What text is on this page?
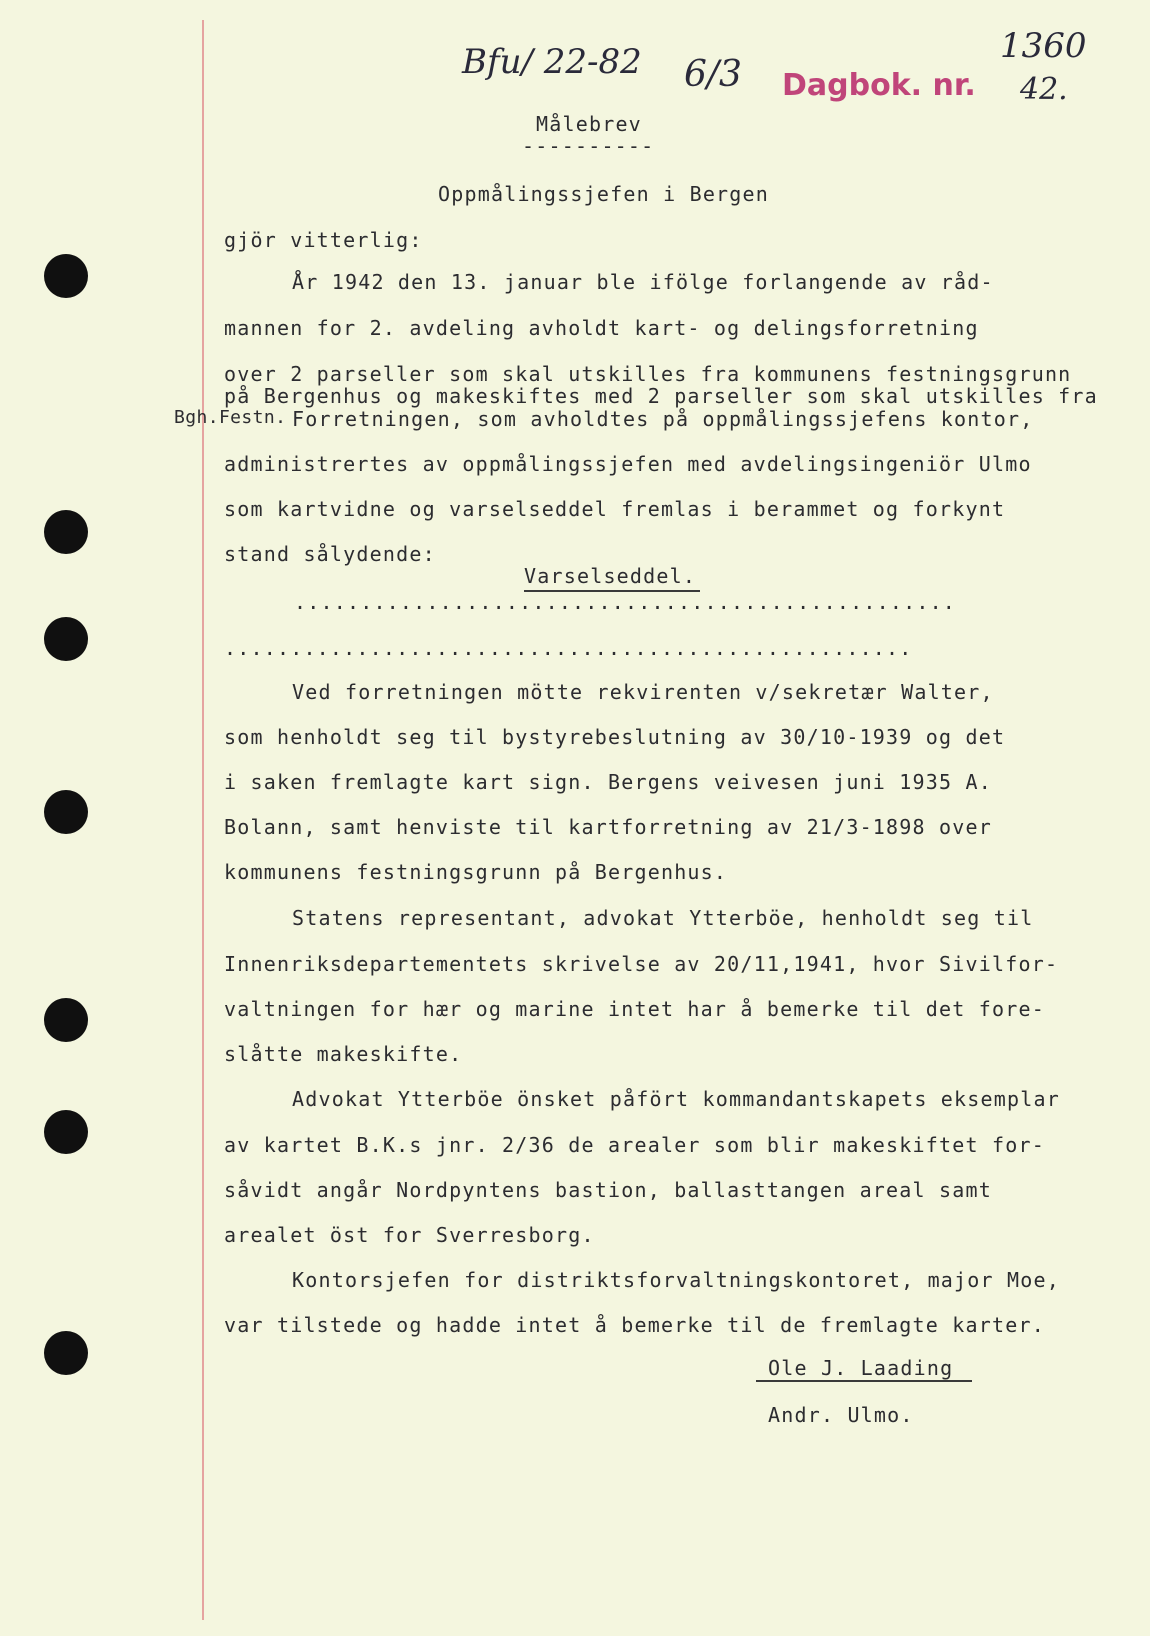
Bfu/ 22-82 6/3 Dagbok. nr.
1360
42.
Målebrev
----------
Oppmålingssjefen i Bergen
gjör vitterlig:
År 1942 den 13. januar ble ifölge forlangende av råd-
mannen for 2. avdeling avholdt kart- og delingsforretning
over 2 parseller som skal utskilles fra kommunens festningsgrunn
på Bergenhus og makeskiftes med 2 parseller som skal utskilles fra
Bgh.Festn. Forretningen, som avholdtes på oppmålingssjefens kontor,
administrertes av oppmålingssjefen med avdelingsingeniör Ulmo
som kartvidne og varselseddel fremlas i berammet og forkynt
stand sålydende:
Varselseddel.
..................................................
....................................................
Ved forretningen mötte rekvirenten v/sekretær Walter,
som henholdt seg til bystyrebeslutning av 30/10-1939 og det
i saken fremlagte kart sign. Bergens veivesen juni 1935 A.
Bolann, samt henviste til kartforretning av 21/3-1898 over
kommunens festningsgrunn på Bergenhus.
Statens representant, advokat Ytterböe, henholdt seg til
Innenriksdepartementets skrivelse av 20/11,1941, hvor Sivilfor-
valtningen for hær og marine intet har å bemerke til det fore-
slåtte makeskifte.
Advokat Ytterböe önsket påfört kommandantskapets eksemplar
av kartet B.K.s jnr. 2/36 de arealer som blir makeskiftet for-
såvidt angår Nordpyntens bastion, ballasttangen areal samt
arealet öst for Sverresborg.
Kontorsjefen for distriktsforvaltningskontoret, major Moe,
var tilstede og hadde intet å bemerke til de fremlagte karter.
Ole J. Laading
Andr. Ulmo.
